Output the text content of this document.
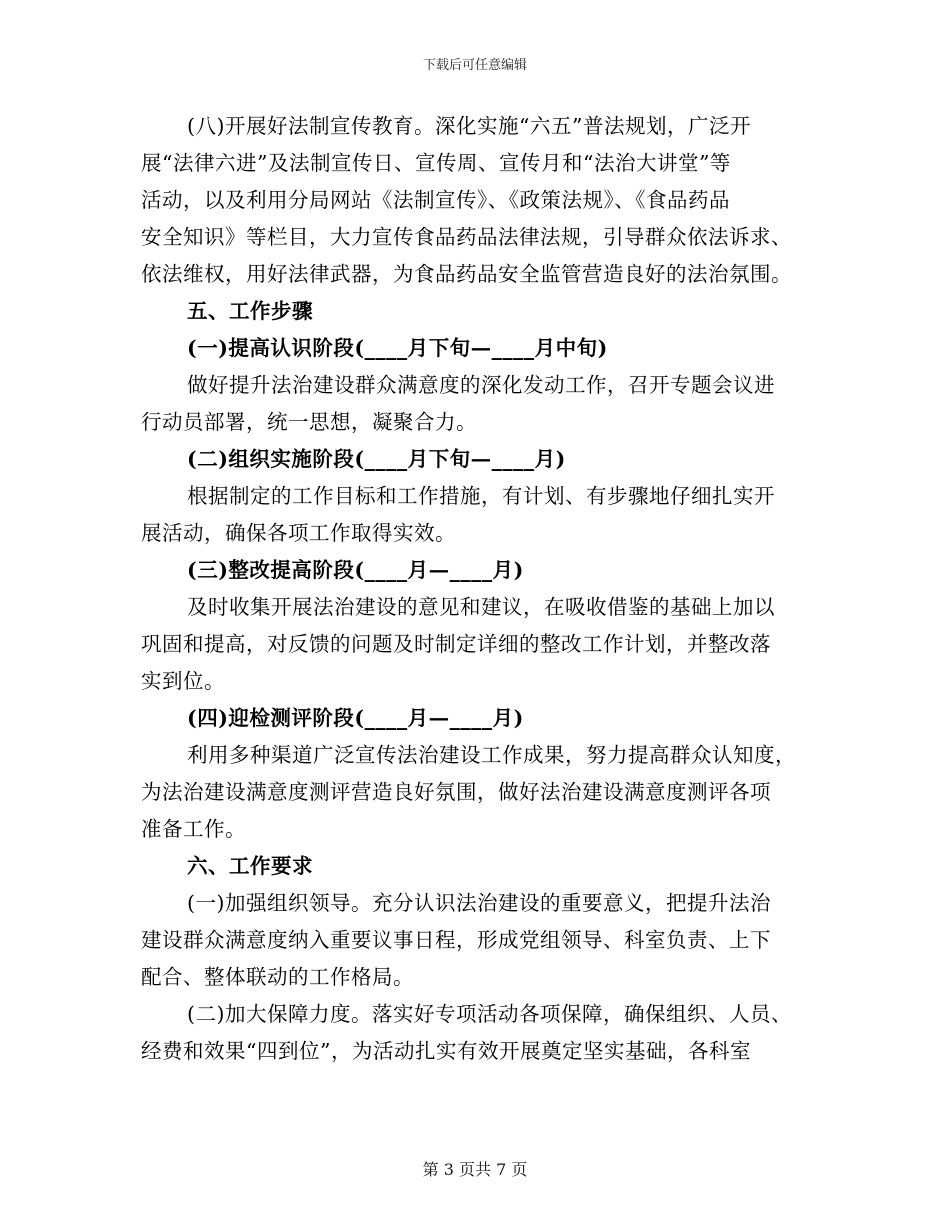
下载后可任意编辑
(八)开展好法制宣传教育。深化实施“六五”普法规划，广泛开
展“法律六进”及法制宣传日、宣传周、宣传月和“法治大讲堂”等
活动，以及利用分局网站《法制宣传》、《政策法规》、《食品药品
安全知识》等栏目，大力宣传食品药品法律法规，引导群众依法诉求、
依法维权，用好法律武器，为食品药品安全监管营造良好的法治氛围。
五、工作步骤
(一)提高认识阶段(____月下旬—____月中旬)
做好提升法治建设群众满意度的深化发动工作，召开专题会议进
行动员部署，统一思想，凝聚合力。
(二)组织实施阶段(____月下旬—____月)
根据制定的工作目标和工作措施，有计划、有步骤地仔细扎实开
展活动，确保各项工作取得实效。
(三)整改提高阶段(____月—____月)
及时收集开展法治建设的意见和建议，在吸收借鉴的基础上加以
巩固和提高，对反馈的问题及时制定详细的整改工作计划，并整改落
实到位。
(四)迎检测评阶段(____月—____月)
利用多种渠道广泛宣传法治建设工作成果，努力提高群众认知度，
为法治建设满意度测评营造良好氛围，做好法治建设满意度测评各项
准备工作。
六、工作要求
(一)加强组织领导。充分认识法治建设的重要意义，把提升法治
建设群众满意度纳入重要议事日程，形成党组领导、科室负责、上下
配合、整体联动的工作格局。
(二)加大保障力度。落实好专项活动各项保障，确保组织、人员、
经费和效果“四到位”，为活动扎实有效开展奠定坚实基础，各科室
第 3 页共 7 页
